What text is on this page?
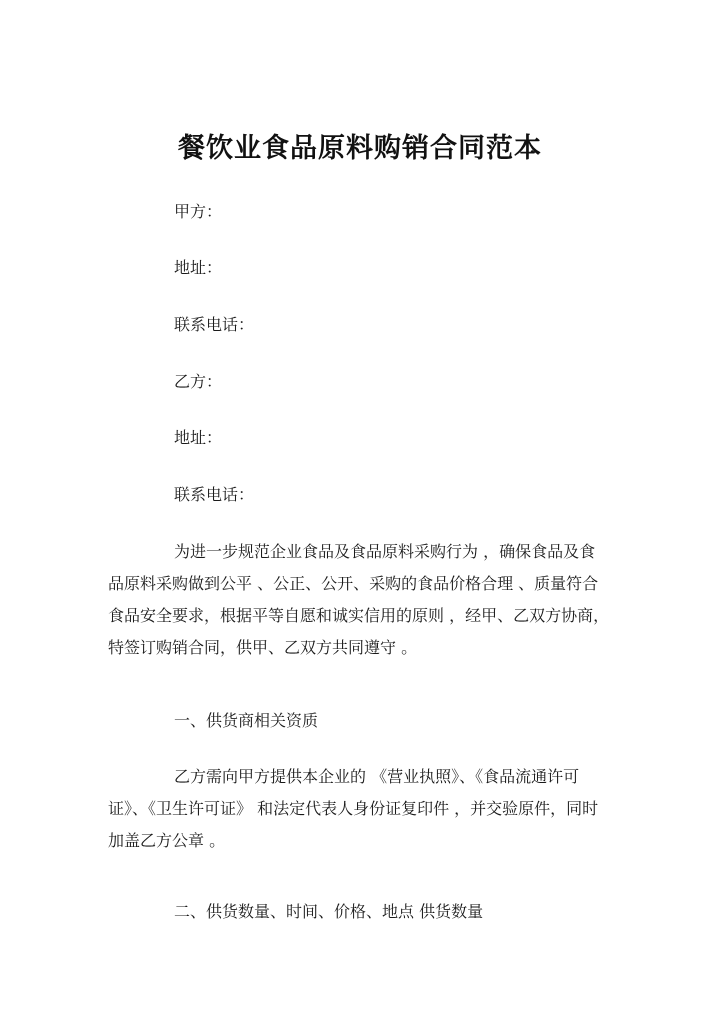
餐饮业食品原料购销合同范本
甲方：
地址：
联系电话：
乙方：
地址：
联系电话：
为进一步规范企业食品及食品原料采购行为 ，确保食品及食
品原料采购做到公平 、公正、公开、采购的食品价格合理 、质量符合
食品安全要求，根据平等自愿和诚实信用的原则 ，经甲、乙双方协商，
特签订购销合同，供甲、乙双方共同遵守 。
一、供货商相关资质
乙方需向甲方提供本企业的 《营业执照》、《食品流通许可
证》、《卫生许可证》 和法定代表人身份证复印件 ，并交验原件，同时
加盖乙方公章 。
二、供货数量、时间、价格、地点 供货数量
